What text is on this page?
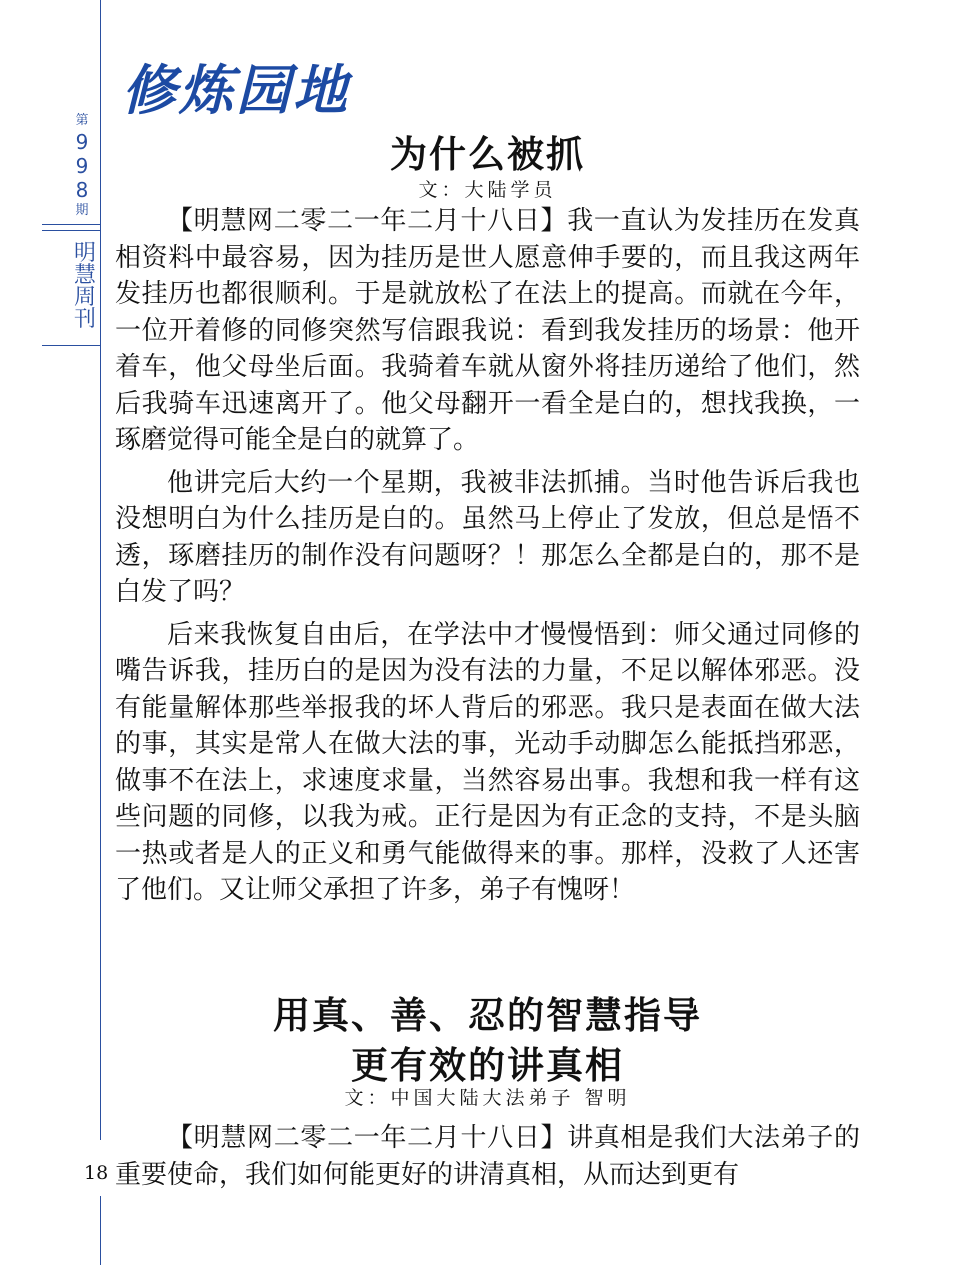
第
9
9
8
期
明
慧
周
刊
修炼园地
为什么被抓
文：大陆学员

【明慧网二零二一年二月十八日】我一直认为发挂历在发真相资料中最容易，因为挂历是世人愿意伸手要的，而且我这两年发挂历也都很顺利。于是就放松了在法上的提高。而就在今年，一位开着修的同修突然写信跟我说：看到我发挂历的场景：他开着车，他父母坐后面。我骑着车就从窗外将挂历递给了他们，然后我骑车迅速离开了。他父母翻开一看全是白的，想找我换，一琢磨觉得可能全是白的就算了。

他讲完后大约一个星期，我被非法抓捕。当时他告诉后我也没想明白为什么挂历是白的。虽然马上停止了发放，但总是悟不透，琢磨挂历的制作没有问题呀？！那怎么全都是白的，那不是白发了吗？

后来我恢复自由后，在学法中才慢慢悟到：师父通过同修的嘴告诉我，挂历白的是因为没有法的力量，不足以解体邪恶。没有能量解体那些举报我的坏人背后的邪恶。我只是表面在做大法的事，其实是常人在做大法的事，光动手动脚怎么能抵挡邪恶，做事不在法上，求速度求量，当然容易出事。我想和我一样有这些问题的同修，以我为戒。正行是因为有正念的支持，不是头脑一热或者是人的正义和勇气能做得来的事。那样，没救了人还害了他们。又让师父承担了许多，弟子有愧呀！

用真、善、忍的智慧指导
更有效的讲真相
文：中国大陆大法弟子 智明

【明慧网二零二一年二月十八日】讲真相是我们大法弟子的重要使命，我们如何能更好的讲清真相，从而达到更有

18
